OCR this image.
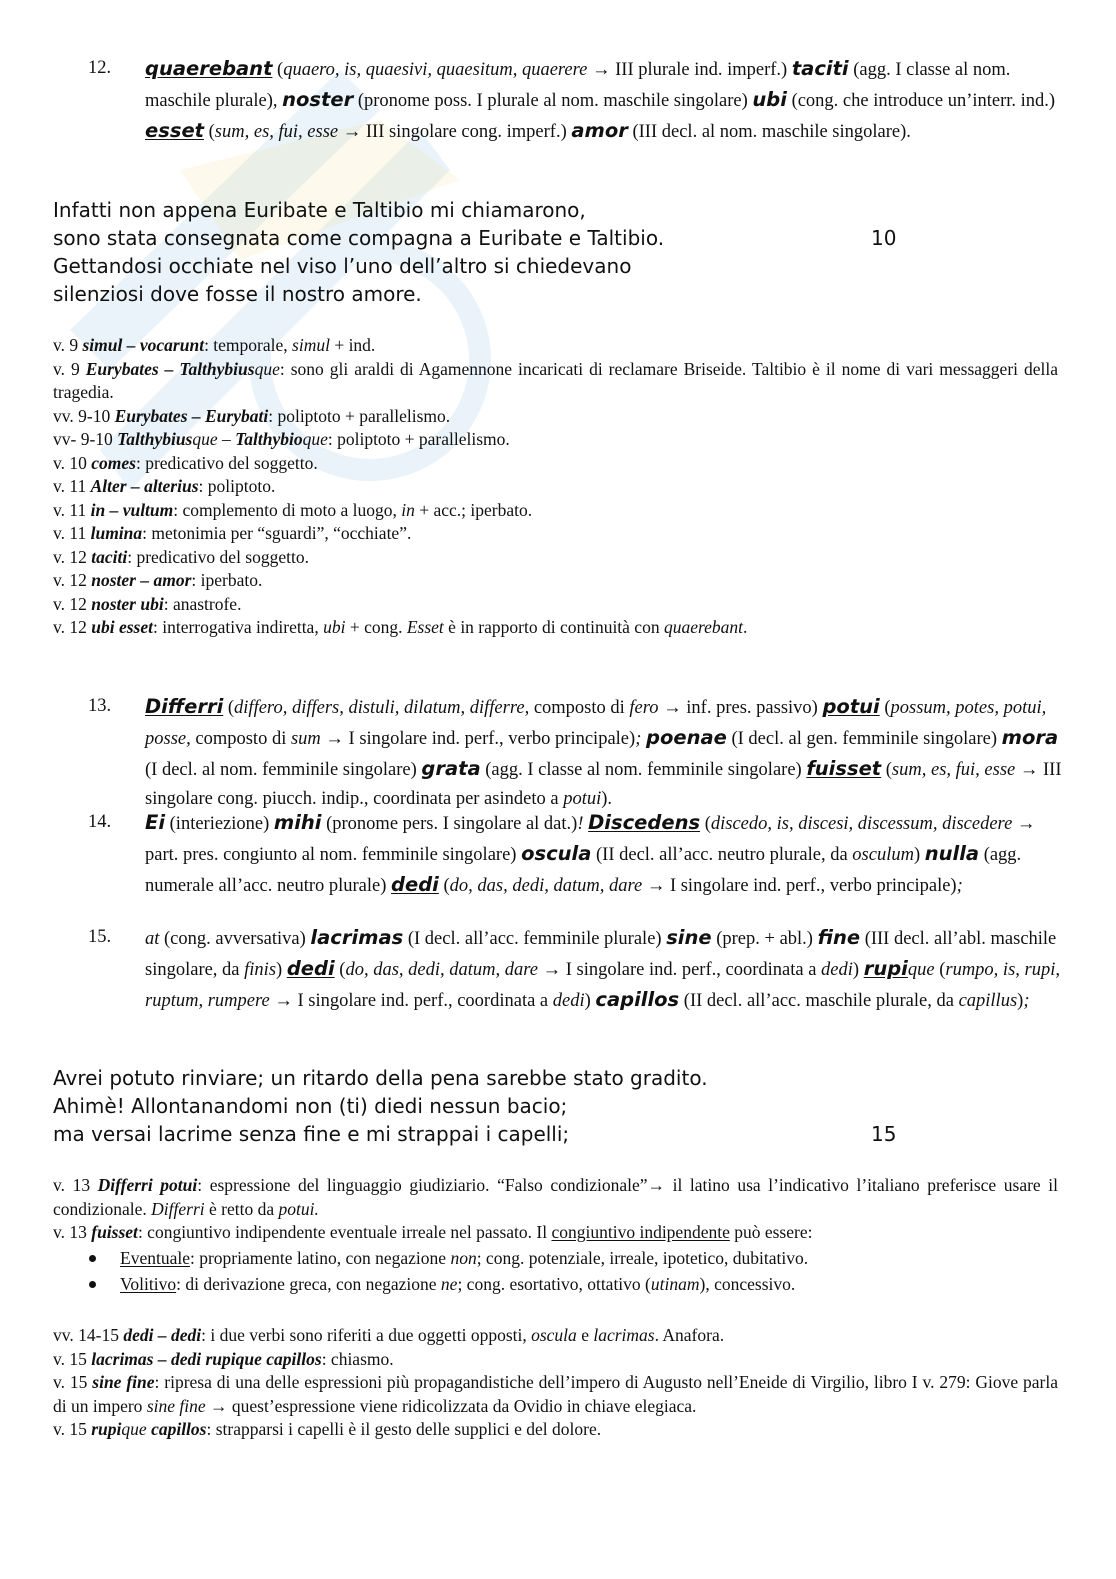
12. quaerebant (quaero, is, quaesivi, quaesitum, quaerere → III plurale ind. imperf.) taciti (agg. I classe al nom. maschile plurale), noster (pronome poss. I plurale al nom. maschile singolare) ubi (cong. che introduce un’interr. ind.) esset (sum, es, fui, esse → III singolare cong. imperf.) amor (III decl. al nom. maschile singolare).
Infatti non appena Euribate e Taltibio mi chiamarono,
sono stata consegnata come compagna a Euribate e Taltibio.	10
Gettandosi occhiate nel viso l’uno dell’altro si chiedevano
silenziosi dove fosse il nostro amore.
v. 9 simul – vocarunt: temporale, simul + ind.
v. 9 Eurybates – Talthybiusque: sono gli araldi di Agamennone incaricati di reclamare Briseide. Taltibio è il nome di vari messaggeri della tragedia.
vv. 9-10 Eurybates – Eurybati: poliptoto + parallelismo.
vv- 9-10 Talthybiusque – Talthybioque: poliptoto + parallelismo.
v. 10 comes: predicativo del soggetto.
v. 11 Alter – alterius: poliptoto.
v. 11 in – vultum: complemento di moto a luogo, in + acc.; iperbato.
v. 11 lumina: metonimia per “sguardi”, “occhiate”.
v. 12 taciti: predicativo del soggetto.
v. 12 noster – amor: iperbato.
v. 12 noster ubi: anastrofe.
v. 12 ubi esset: interrogativa indiretta, ubi + cong. Esset è in rapporto di continuità con quaerebant.
13. Differri (differo, differs, distuli, dilatum, differre, composto di fero → inf. pres. passivo) potui (possum, potes, potui, posse, composto di sum → I singolare ind. perf., verbo principale); poenae (I decl. al gen. femminile singolare) mora (I decl. al nom. femminile singolare) grata (agg. I classe al nom. femminile singolare) fuisset (sum, es, fui, esse → III singolare cong. piucch. indip., coordinata per asindeto a potui).
14. Ei (interiezione) mihi (pronome pers. I singolare al dat.)! Discedens (discedo, is, discesi, discessum, discedere → part. pres. congiunto al nom. femminile singolare) oscula (II decl. all’acc. neutro plurale, da osculum) nulla (agg. numerale all’acc. neutro plurale) dedi (do, das, dedi, datum, dare → I singolare ind. perf., verbo principale);
15. at (cong. avversativa) lacrimas (I decl. all’acc. femminile plurale) sine (prep. + abl.) fine (III decl. all’abl. maschile singolare, da finis) dedi (do, das, dedi, datum, dare → I singolare ind. perf., coordinata a dedi) rupique (rumpo, is, rupi, ruptum, rumpere → I singolare ind. perf., coordinata a dedi) capillos (II decl. all’acc. maschile plurale, da capillus);
Avrei potuto rinviare; un ritardo della pena sarebbe stato gradito.
Ahimè! Allontanandomi non (ti) diedi nessun bacio;
ma versai lacrime senza fine e mi strappai i capelli;	15
v. 13 Differri potui: espressione del linguaggio giudiziario. “Falso condizionale”→ il latino usa l’indicativo l’italiano preferisce usare il condizionale. Differri è retto da potui.
v. 13 fuisset: congiuntivo indipendente eventuale irreale nel passato. Il congiuntivo indipendente può essere:
Eventuale: propriamente latino, con negazione non; cong. potenziale, irreale, ipotetico, dubitativo.
Volitivo: di derivazione greca, con negazione ne; cong. esortativo, ottativo (utinam), concessivo.
vv. 14-15 dedi – dedi: i due verbi sono riferiti a due oggetti opposti, oscula e lacrimas. Anafora.
v. 15 lacrimas – dedi rupique capillos: chiasmo.
v. 15 sine fine: ripresa di una delle espressioni più propagandistiche dell’impero di Augusto nell’Eneide di Virgilio, libro I v. 279: Giove parla di un impero sine fine → quest’espressione viene ridicolizzata da Ovidio in chiave elegiaca.
v. 15 rupique capillos: strapparsi i capelli è il gesto delle supplici e del dolore.
